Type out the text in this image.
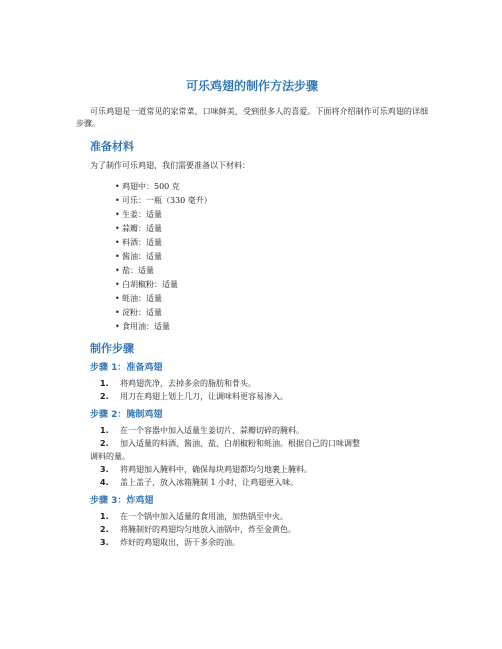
可乐鸡翅的制作方法步骤

可乐鸡翅是一道常见的家常菜，口味鲜美，受到很多人的喜爱。下面将介绍制作可乐鸡翅的详细步骤。

准备材料

为了制作可乐鸡翅，我们需要准备以下材料：

• 鸡翅中：500 克
• 可乐：一瓶（330 毫升）
• 生姜：适量
• 蒜瓣：适量
• 料酒：适量
• 酱油：适量
• 盐：适量
• 白胡椒粉：适量
• 蚝油：适量
• 淀粉：适量
• 食用油：适量
制作步骤
步骤 1：准备鸡翅
1. 将鸡翅洗净，去掉多余的脂肪和骨头。
2. 用刀在鸡翅上划上几刀，让调味料更容易渗入。
步骤 2：腌制鸡翅
1. 在一个容器中加入适量生姜切片、蒜瓣切碎的腌料。
2. 加入适量的料酒、酱油、盐、白胡椒粉和蚝油。根据自己的口味调整
调料的量。
3. 将鸡翅加入腌料中，确保每块鸡翅都均匀地裹上腌料。
4. 盖上盖子，放入冰箱腌制 1 小时，让鸡翅更入味。
步骤 3：炸鸡翅
1. 在一个锅中加入适量的食用油，加热锅至中火。
2. 将腌制好的鸡翅均匀地放入油锅中，炸至金黄色。
3. 炸好的鸡翅取出，沥干多余的油。
